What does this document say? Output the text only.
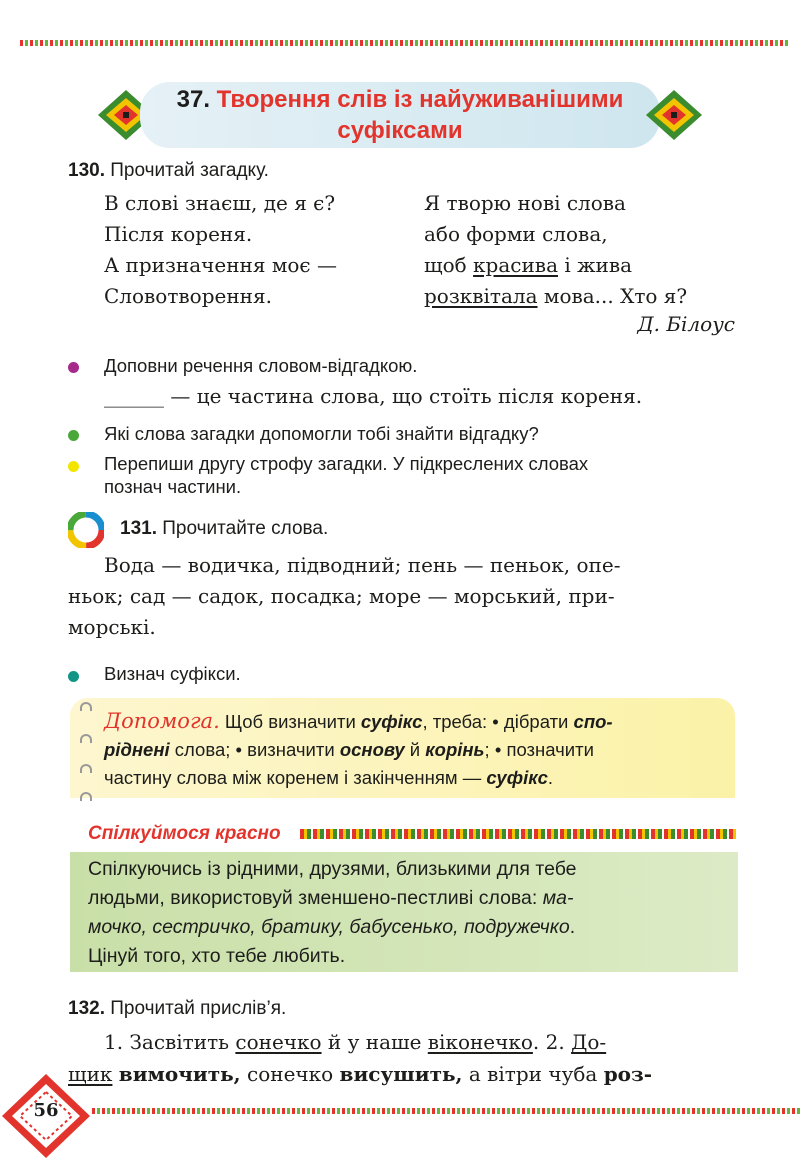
37. Творення слів із найуживанішими
суфіксами
130. Прочитай загадку.
В слові знаєш, де я є?
Після кореня.
А призначення моє —
Словотворення.
Я творю нові слова
або форми слова,
щоб красива і жива
розквітала мова... Хто я?
Д. Білоус
Доповни речення словом-відгадкою.
______ — це частина слова, що стоїть після кореня.
Які слова загадки допомогли тобі знайти відгадку?
Перепиши другу строфу загадки. У підкреслених словах
познач частини.
131. Прочитайте слова.
Вода — водичка, підводний; пень — пеньок, опе-
ньок; сад — садок, посадка; море — морський, при-
морські.
Визнач суфікси.
Допомога. Щоб визначити суфікс, треба: • дібрати спо-
ріднені слова; • визначити основу й корінь; • позначити
частину слова між коренем і закінченням — суфікс.
Спілкуймося красно
Спілкуючись із рідними, друзями, близькими для тебе
людьми, використовуй зменшено-пестливі слова: ма-
мочко, сестричко, братику, бабусенько, подружечко.
Цінуй того, хто тебе любить.
132. Прочитай прислів’я.
1. Засвітить сонечко й у наше віконечко. 2. До-
щик вимочить, сонечко висушить, а вітри чуба роз-
56
